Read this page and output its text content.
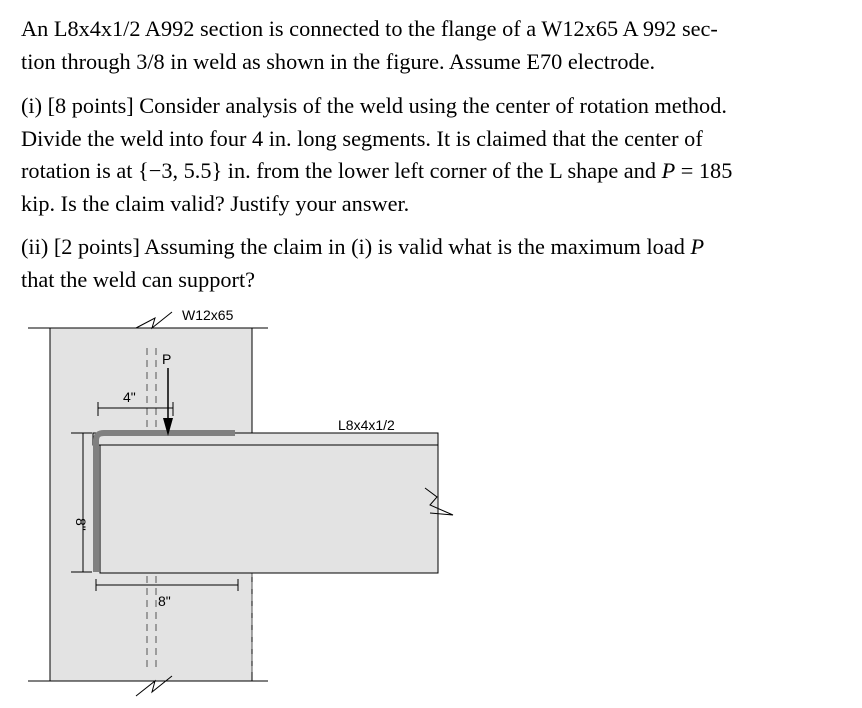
An L8x4x1/2 A992 section is connected to the flange of a W12x65 A 992 sec-
tion through 3/8 in weld as shown in the figure. Assume E70 electrode.

(i) [8 points] Consider analysis of the weld using the center of rotation method.
Divide the weld into four 4 in. long segments. It is claimed that the center of
rotation is at {−3, 5.5} in. from the lower left corner of the L shape and P = 185
kip. Is the claim valid? Justify your answer.

(ii) [2 points] Assuming the claim in (i) is valid what is the maximum load P
that the weld can support?

P
4"
8"
8"
W12x65
L8x4x1/2
